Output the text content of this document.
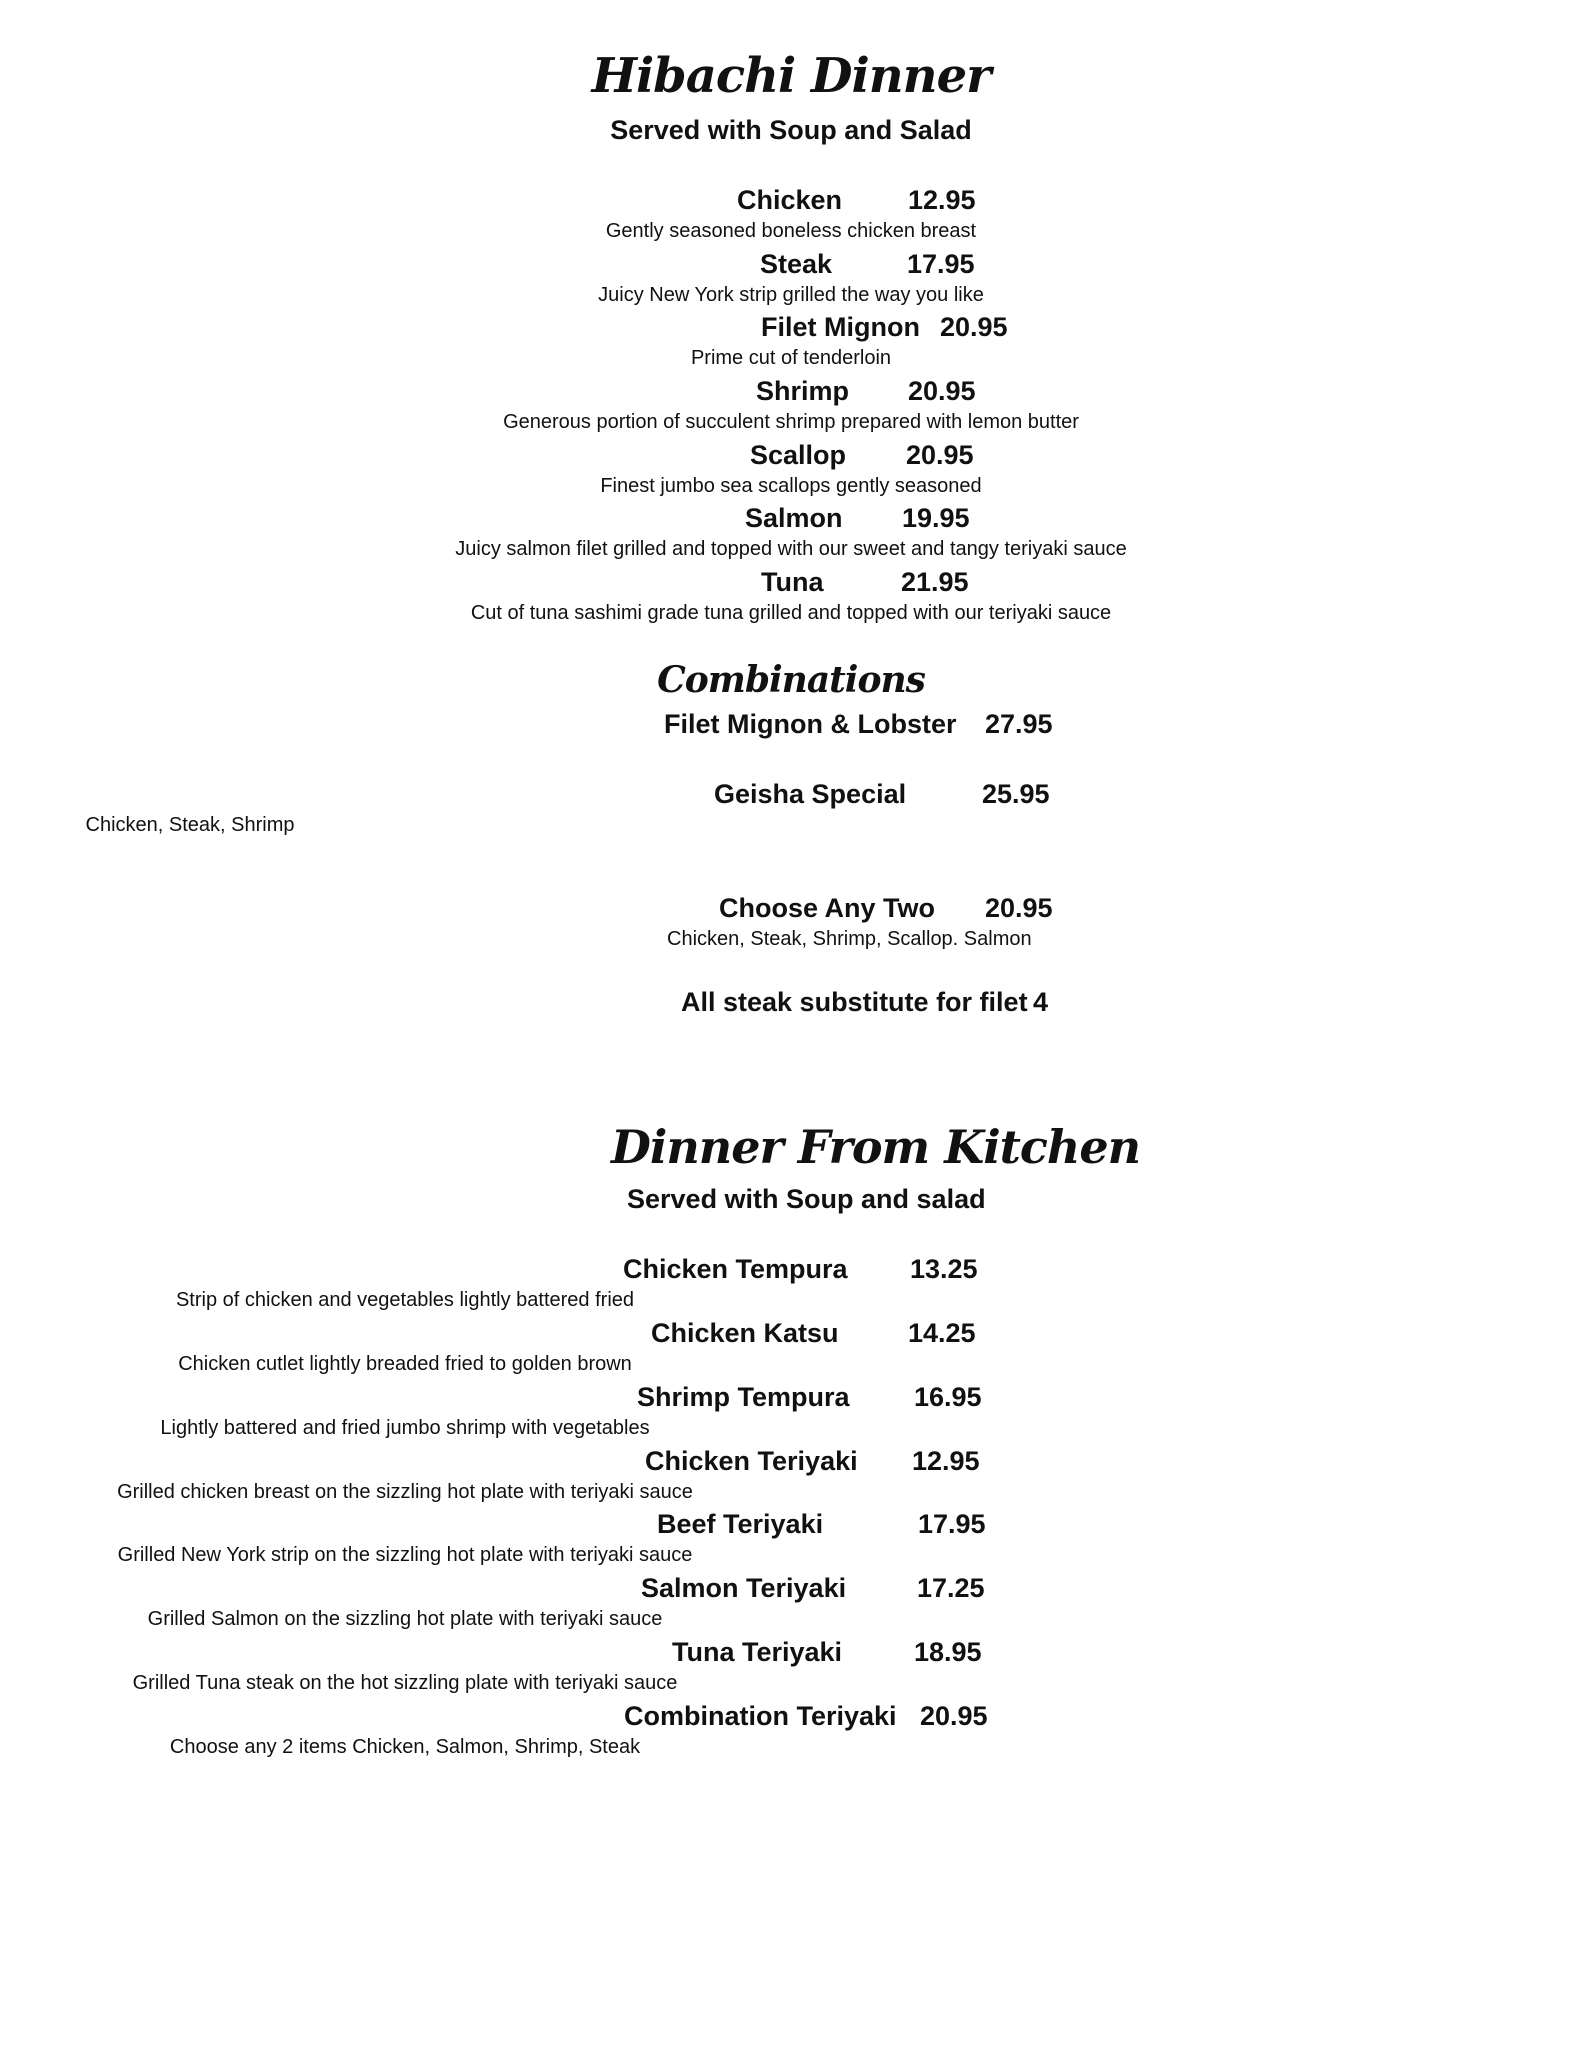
Hibachi Dinner
Served with Soup and Salad
Chicken 12.95
Gently seasoned boneless chicken breast
Steak	17.95
Juicy New York strip grilled the way you like
Filet Mignon 20.95
Prime cut of tenderloin
Shrimp 20.95
Generous portion of succulent shrimp prepared with lemon butter
Scallop 20.95
Finest jumbo sea scallops gently seasoned
Salmon 19.95
Juicy salmon filet grilled and topped with our sweet and tangy teriyaki sauce
Tuna	21.95
Cut of tuna sashimi grade tuna grilled and topped with our teriyaki sauce
Combinations
Filet Mignon & Lobster 27.95
Geisha Special	25.95
Chicken, Steak, Shrimp
Choose Any Two 20.95
Chicken, Steak, Shrimp, Scallop. Salmon
All steak substitute for filet 4
Dinner From Kitchen
Served with Soup and salad
Chicken Tempura 13.25
Strip of chicken and vegetables lightly battered fried
Chicken Katsu	14.25
Chicken cutlet lightly breaded fried to golden brown
Shrimp Tempura 16.95
Lightly battered and fried jumbo shrimp with vegetables
Chicken Teriyaki 12.95
Grilled chicken breast on the sizzling hot plate with teriyaki sauce
Beef Teriyaki	17.95
Grilled New York strip on the sizzling hot plate with teriyaki sauce
Salmon Teriyaki	17.25
Grilled Salmon on the sizzling hot plate with teriyaki sauce
Tuna Teriyaki	18.95
Grilled Tuna steak on the hot sizzling plate with teriyaki sauce
Combination Teriyaki 20.95
Choose any 2 items Chicken, Salmon, Shrimp, Steak
